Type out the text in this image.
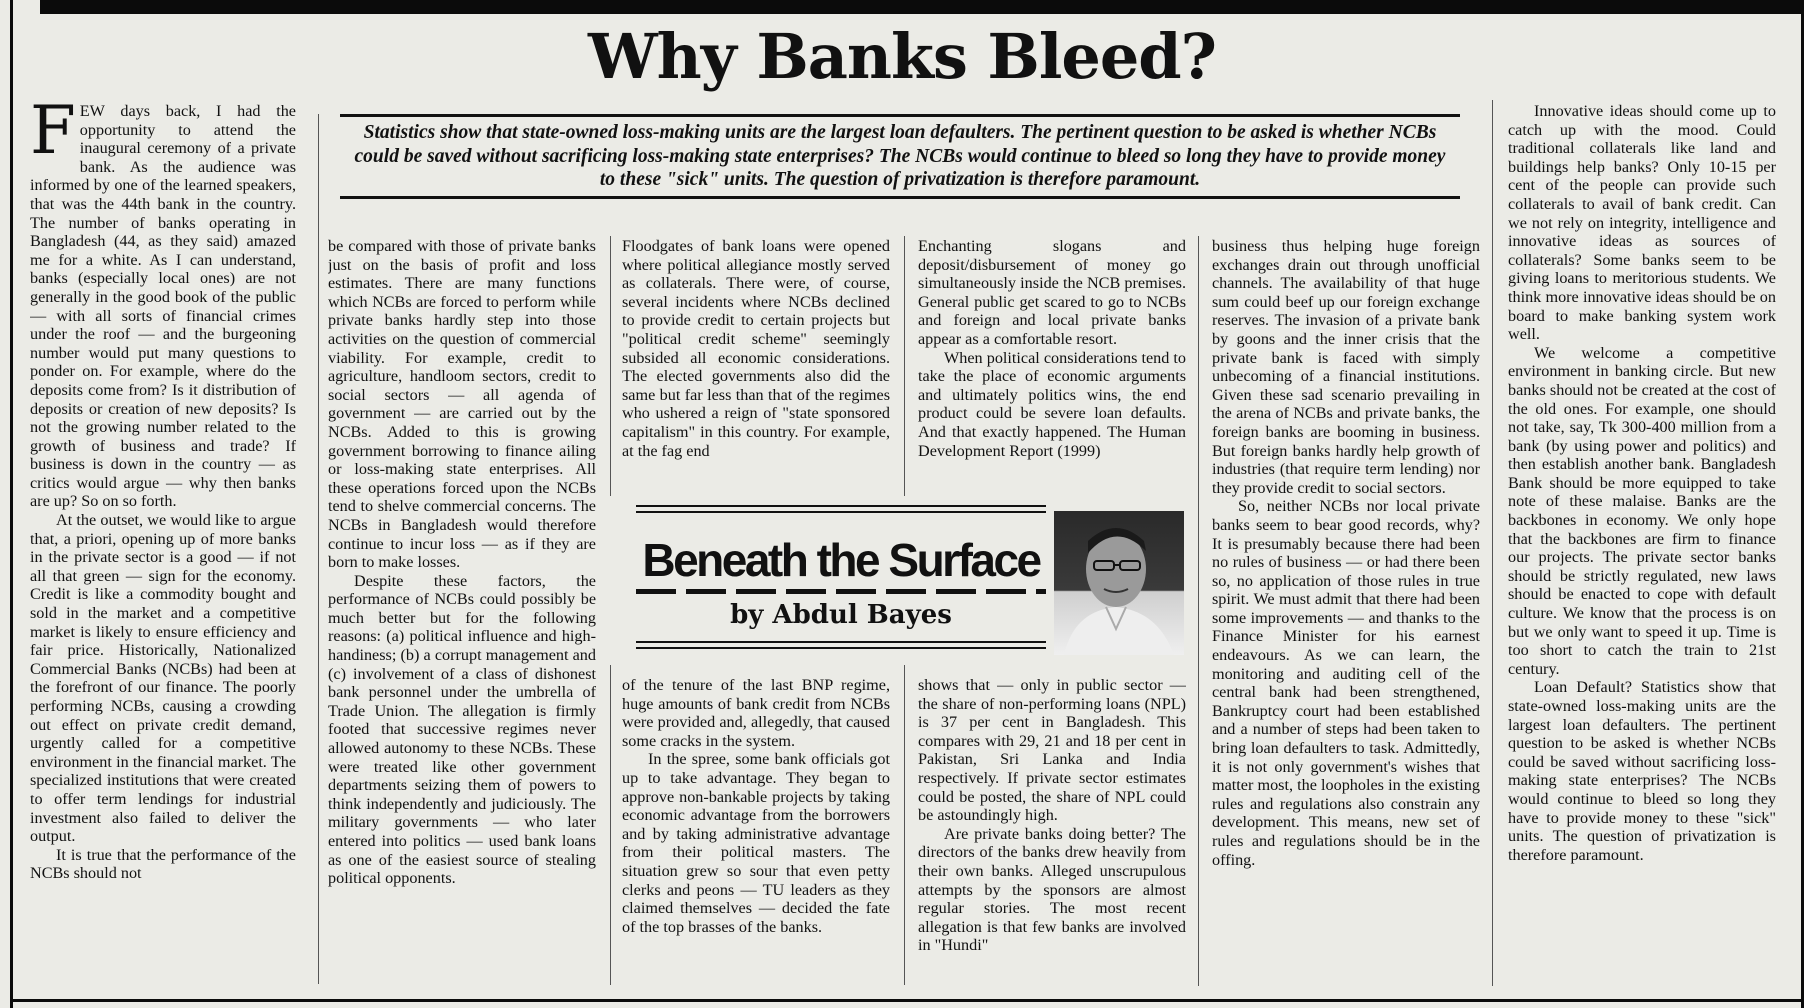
Why Banks Bleed?
Statistics show that state-owned loss-making units are the largest loan defaulters. The pertinent question to be asked is whether NCBs could be saved without sacrificing loss-making state enterprises? The NCBs would continue to bleed so long they have to provide money to these "sick" units. The question of privatization is therefore paramount.

FEW days back, I had the opportunity to attend the inaugural ceremony of a private bank. As the audience was informed by one of the learned speakers, that was the 44th bank in the country. The number of banks operating in Bangladesh (44, as they said) amazed me for a white. As I can understand, banks (especially local ones) are not generally in the good book of the public — with all sorts of financial crimes under the roof — and the burgeoning number would put many questions to ponder on. For example, where do the deposits come from? Is it distribution of deposits or creation of new deposits? Is not the growing number related to the growth of business and trade? If business is down in the country — as critics would argue — why then banks are up? So on so forth.

At the outset, we would like to argue that, a priori, opening up of more banks in the private sector is a good — if not all that green — sign for the economy. Credit is like a commodity bought and sold in the market and a competitive market is likely to ensure efficiency and fair price. Historically, Nationalized Commercial Banks (NCBs) had been at the forefront of our finance. The poorly performing NCBs, causing a crowding out effect on private credit demand, urgently called for a competitive environment in the financial market. The specialized institutions that were created to offer term lendings for industrial investment also failed to deliver the output.

It is true that the performance of the NCBs should not

be compared with those of private banks just on the basis of profit and loss estimates. There are many functions which NCBs are forced to perform while private banks hardly step into those activities on the question of commercial viability. For example, credit to agriculture, handloom sectors, credit to social sectors — all agenda of government — are carried out by the NCBs. Added to this is growing government borrowing to finance ailing or loss-making state enterprises. All these operations forced upon the NCBs tend to shelve commercial concerns. The NCBs in Bangladesh would therefore continue to incur loss — as if they are born to make losses.

Despite these factors, the performance of NCBs could possibly be much better but for the following reasons: (a) political influence and high-handiness; (b) a corrupt management and (c) involvement of a class of dishonest bank personnel under the umbrella of Trade Union. The allegation is firmly footed that successive regimes never allowed autonomy to these NCBs. These were treated like other government departments seizing them of powers to think independently and judiciously. The military governments — who later entered into politics — used bank loans as one of the easiest source of stealing political opponents.

Floodgates of bank loans were opened where political allegiance mostly served as collaterals. There were, of course, several incidents where NCBs declined to provide credit to certain projects but "political credit scheme" seemingly subsided all economic considerations. The elected governments also did the same but far less than that of the regimes who ushered a reign of "state sponsored capitalism" in this country. For example, at the fag end

Enchanting slogans and deposit/disbursement of money go simultaneously inside the NCB premises. General public get scared to go to NCBs and foreign and local private banks appear as a comfortable resort.

When political considerations tend to take the place of economic arguments and ultimately politics wins, the end product could be severe loan defaults. And that exactly happened. The Human Development Report (1999)

Beneath the Surface
by Abdul Bayes

of the tenure of the last BNP regime, huge amounts of bank credit from NCBs were provided and, allegedly, that caused some cracks in the system.

In the spree, some bank officials got up to take advantage. They began to approve non-bankable projects by taking economic advantage from the borrowers and by taking administrative advantage from their political masters. The situation grew so sour that even petty clerks and peons — TU leaders as they claimed themselves — decided the fate of the top brasses of the banks.

shows that — only in public sector — the share of non-performing loans (NPL) is 37 per cent in Bangladesh. This compares with 29, 21 and 18 per cent in Pakistan, Sri Lanka and India respectively. If private sector estimates could be posted, the share of NPL could be astoundingly high.

Are private banks doing better? The directors of the banks drew heavily from their own banks. Alleged unscrupulous attempts by the sponsors are almost regular stories. The most recent allegation is that few banks are involved in "Hundi"

business thus helping huge foreign exchanges drain out through unofficial channels. The availability of that huge sum could beef up our foreign exchange reserves. The invasion of a private bank by goons and the inner crisis that the private bank is faced with simply unbecoming of a financial institutions. Given these sad scenario prevailing in the arena of NCBs and private banks, the foreign banks are booming in business. But foreign banks hardly help growth of industries (that require term lending) nor they provide credit to social sectors.

So, neither NCBs nor local private banks seem to bear good records, why? It is presumably because there had been no rules of business — or had there been so, no application of those rules in true spirit. We must admit that there had been some improvements — and thanks to the Finance Minister for his earnest endeavours. As we can learn, the monitoring and auditing cell of the central bank had been strengthened, Bankruptcy court had been established and a number of steps had been taken to bring loan defaulters to task. Admittedly, it is not only government's wishes that matter most, the loopholes in the existing rules and regulations also constrain any development. This means, new set of rules and regulations should be in the offing.

Innovative ideas should come up to catch up with the mood. Could traditional collaterals like land and buildings help banks? Only 10-15 per cent of the people can provide such collaterals to avail of bank credit. Can we not rely on integrity, intelligence and innovative ideas as sources of collaterals? Some banks seem to be giving loans to meritorious students. We think more innovative ideas should be on board to make banking system work well.

We welcome a competitive environment in banking circle. But new banks should not be created at the cost of the old ones. For example, one should not take, say, Tk 300-400 million from a bank (by using power and politics) and then establish another bank. Bangladesh Bank should be more equipped to take note of these malaise. Banks are the backbones in economy. We only hope that the backbones are firm to finance our projects. The private sector banks should be strictly regulated, new laws should be enacted to cope with default culture. We know that the process is on but we only want to speed it up. Time is too short to catch the train to 21st century.

Loan Default? Statistics show that state-owned loss-making units are the largest loan defaulters. The pertinent question to be asked is whether NCBs could be saved without sacrificing loss-making state enterprises? The NCBs would continue to bleed so long they have to provide money to these "sick" units. The question of privatization is therefore paramount.
